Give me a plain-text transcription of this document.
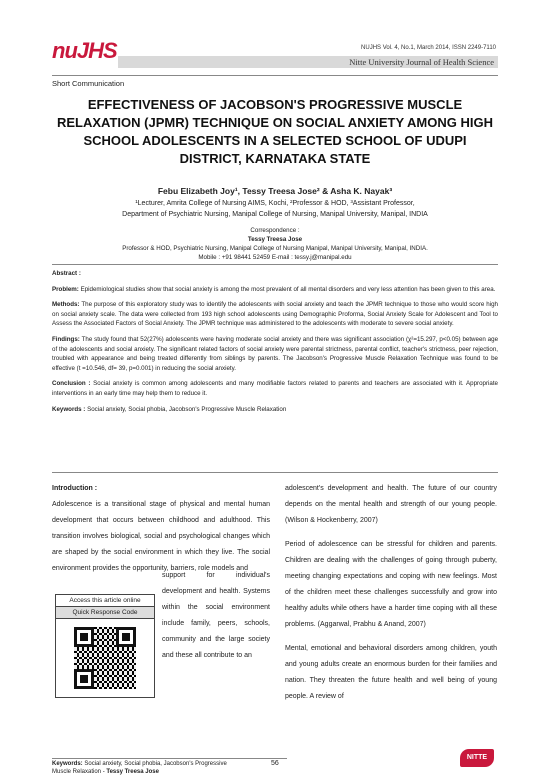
nuJHS	NUJHS Vol. 4, No.1, March 2014, ISSN 2249-7110
Nitte University Journal of Health Science
Short Communication
EFFECTIVENESS OF JACOBSON'S PROGRESSIVE MUSCLE RELAXATION (JPMR) TECHNIQUE ON SOCIAL ANXIETY AMONG HIGH SCHOOL ADOLESCENTS IN A SELECTED SCHOOL OF UDUPI DISTRICT, KARNATAKA STATE
Febu Elizabeth Joy¹, Tessy Treesa Jose² & Asha K. Nayak³
¹Lecturer, Amrita College of Nursing AIMS, Kochi, ²Professor & HOD, ³Assistant Professor,
Department of Psychiatric Nursing, Manipal College of Nursing, Manipal University, Manipal, INDIA
Correspondence :
Tessy Treesa Jose
Professor & HOD, Psychiatric Nursing, Manipal College of Nursing Manipal, Manipal University, Manipal, INDIA.
Mobile : +91 98441 52459 E-mail : tessy.j@manipal.edu

Abstract :

Problem: Epidemiological studies show that social anxiety is among the most prevalent of all mental disorders and very less attention has been given to this area.

Methods: The purpose of this exploratory study was to identify the adolescents with social anxiety and teach the JPMR technique to those who would score high on social anxiety scale. The data were collected from 193 high school adolescents using Demographic Proforma, Social Anxiety Scale for Adolescent and Tool to Assess the Associated Factors of Social Anxiety. The JPMR technique was administered to the adolescents with moderate to severe social anxiety.

Findings: The study found that 52(27%) adolescents were having moderate social anxiety and there was significant association (χ²=15.297, p<0.05) between age of the adolescents and social anxiety. The significant related factors of social anxiety were parental strictness, parental conflict, teacher's strictness, peer rejection, troubled with appearance and being treated differently from siblings by parents. The Jacobson's Progressive Muscle Relaxation Technique was found to be effective (t =10.546, df= 39, p=0.001) in reducing the social anxiety.

Conclusion : Social anxiety is common among adolescents and many modifiable factors related to parents and teachers are associated with it. Appropriate interventions in an early time may help them to reduce it.

Keywords : Social anxiety, Social phobia, Jacobson's Progressive Muscle Relaxation

Introduction :
Adolescence is a transitional stage of physical and mental human development that occurs between childhood and adulthood. This transition involves biological, social and psychological changes which are shaped by the social environment in which they live. The social environment provides the opportunity, barriers, role models and
support for individual's development and health. Systems within the social environment include family, peers, schools, community and the large society and these all contribute to an
Access this article online
Quick Response Code

adolescent's development and health. The future of our country depends on the mental health and strength of our young people. (Wilson & Hockenberry, 2007)

Period of adolescence can be stressful for children and parents. Children are dealing with the challenges of going through puberty, meeting changing expectations and coping with new feelings. Most of the children meet these challenges successfully and grow into healthy adults while others have a harder time coping with all these problems. (Aggarwal, Prabhu & Anand, 2007)

Mental, emotional and behavioral disorders among children, youth and young adults create an enormous burden for their families and nation. They threaten the future health and well being of young people. A review of

Keywords: Social anxiety, Social phobia, Jacobson's Progressive
Muscle Relaxation - Tessy Treesa Jose
56
NITTE
